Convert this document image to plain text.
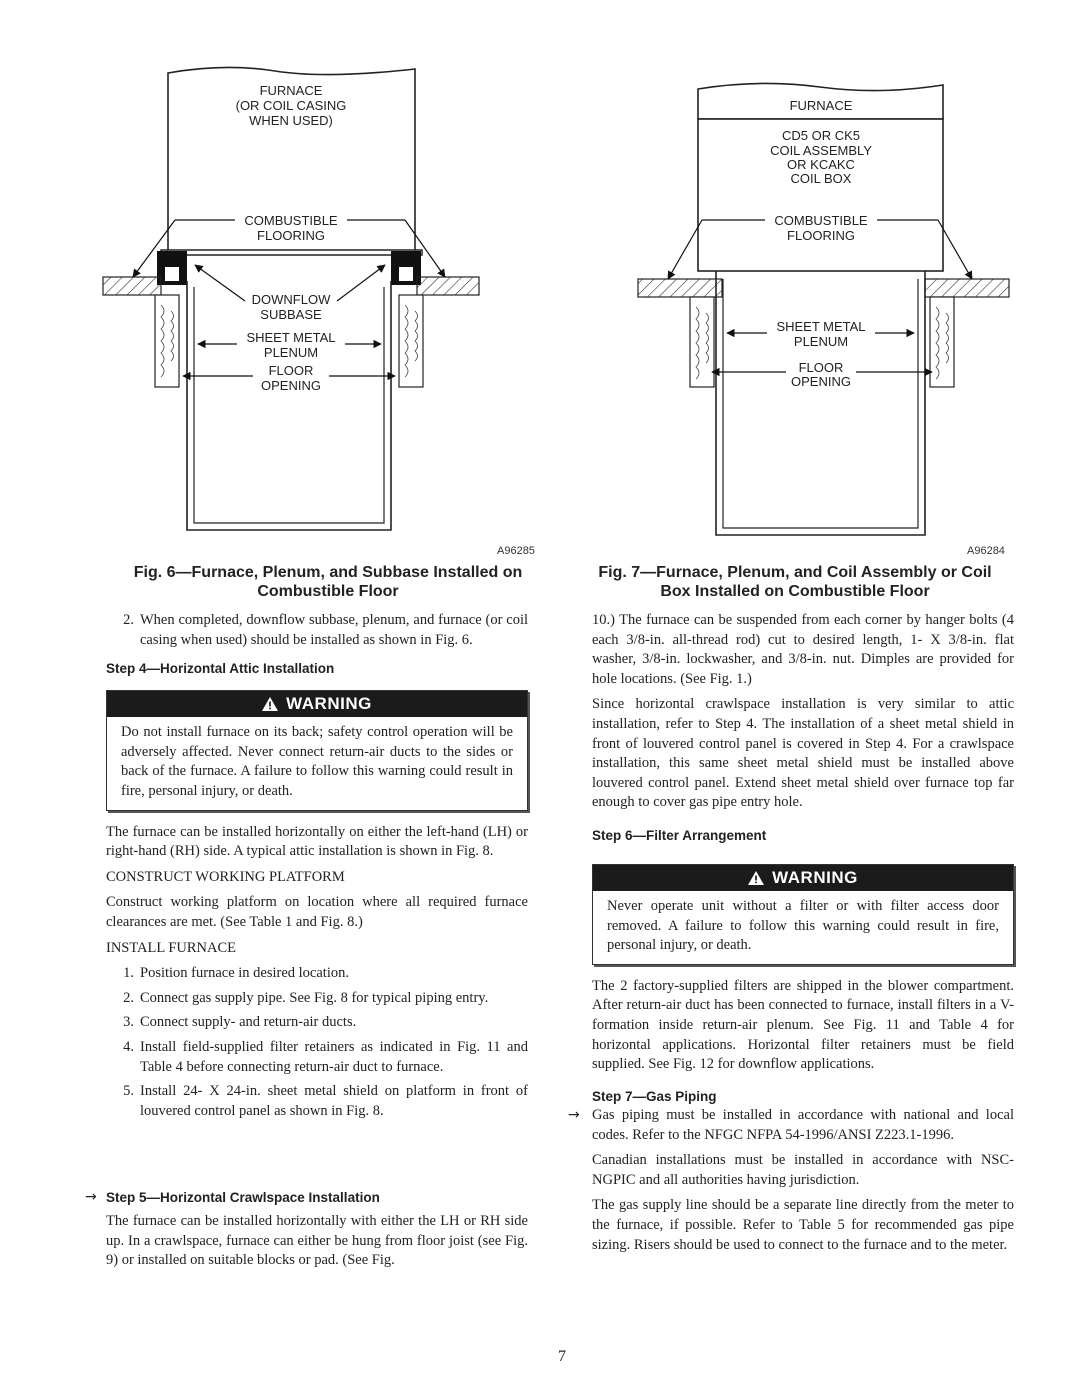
FURNACE
(OR COIL CASING
WHEN USED)
COMBUSTIBLE
FLOORING
DOWNFLOW
SUBBASE
SHEET METAL
PLENUM
FLOOR
OPENING
A96285
FURNACE
CD5 OR CK5
COIL ASSEMBLY
OR KCAKC
COIL BOX
COMBUSTIBLE
FLOORING
SHEET METAL
PLENUM
FLOOR
OPENING
A96284
Fig. 6—Furnace, Plenum, and Subbase Installed on
Combustible Floor
Fig. 7—Furnace, Plenum, and Coil Assembly or Coil
Box Installed on Combustible Floor
2. When completed, downflow subbase, plenum, and furnace (or coil casing when used) should be installed as shown in Fig. 6.
Step 4—Horizontal Attic Installation
WARNING
Do not install furnace on its back; safety control operation will be adversely affected. Never connect return-air ducts to the sides or back of the furnace. A failure to follow this warning could result in fire, personal injury, or death.
The furnace can be installed horizontally on either the left-hand (LH) or right-hand (RH) side. A typical attic installation is shown in Fig. 8.
CONSTRUCT WORKING PLATFORM
Construct working platform on location where all required furnace clearances are met. (See Table 1 and Fig. 8.)
INSTALL FURNACE
1. Position furnace in desired location.
2. Connect gas supply pipe. See Fig. 8 for typical piping entry.
3. Connect supply- and return-air ducts.
4. Install field-supplied filter retainers as indicated in Fig. 11 and Table 4 before connecting return-air duct to furnace.
5. Install 24- X 24-in. sheet metal shield on platform in front of louvered control panel as shown in Fig. 8.
→ Step 5—Horizontal Crawlspace Installation
The furnace can be installed horizontally with either the LH or RH side up. In a crawlspace, furnace can either be hung from floor joist (see Fig. 9) or installed on suitable blocks or pad. (See Fig.
10.) The furnace can be suspended from each corner by hanger bolts (4 each 3/8-in. all-thread rod) cut to desired length, 1- X 3/8-in. flat washer, 3/8-in. lockwasher, and 3/8-in. nut. Dimples are provided for hole locations. (See Fig. 1.)
Since horizontal crawlspace installation is very similar to attic installation, refer to Step 4. The installation of a sheet metal shield in front of louvered control panel is covered in Step 4. For a crawlspace installation, this same sheet metal shield must be installed above louvered control panel. Extend sheet metal shield over furnace top far enough to cover gas pipe entry hole.
Step 6—Filter Arrangement
WARNING
Never operate unit without a filter or with filter access door removed. A failure to follow this warning could result in fire, personal injury, or death.
The 2 factory-supplied filters are shipped in the blower compartment. After return-air duct has been connected to furnace, install filters in a V-formation inside return-air plenum. See Fig. 11 and Table 4 for horizontal applications. Horizontal filter retainers must be field supplied. See Fig. 12 for downflow applications.
Step 7—Gas Piping
→ Gas piping must be installed in accordance with national and local codes. Refer to the NFGC NFPA 54-1996/ANSI Z223.1-1996.
Canadian installations must be installed in accordance with NSC-NGPIC and all authorities having jurisdiction.
The gas supply line should be a separate line directly from the meter to the furnace, if possible. Refer to Table 5 for recommended gas pipe sizing. Risers should be used to connect to the furnace and to the meter.
7
